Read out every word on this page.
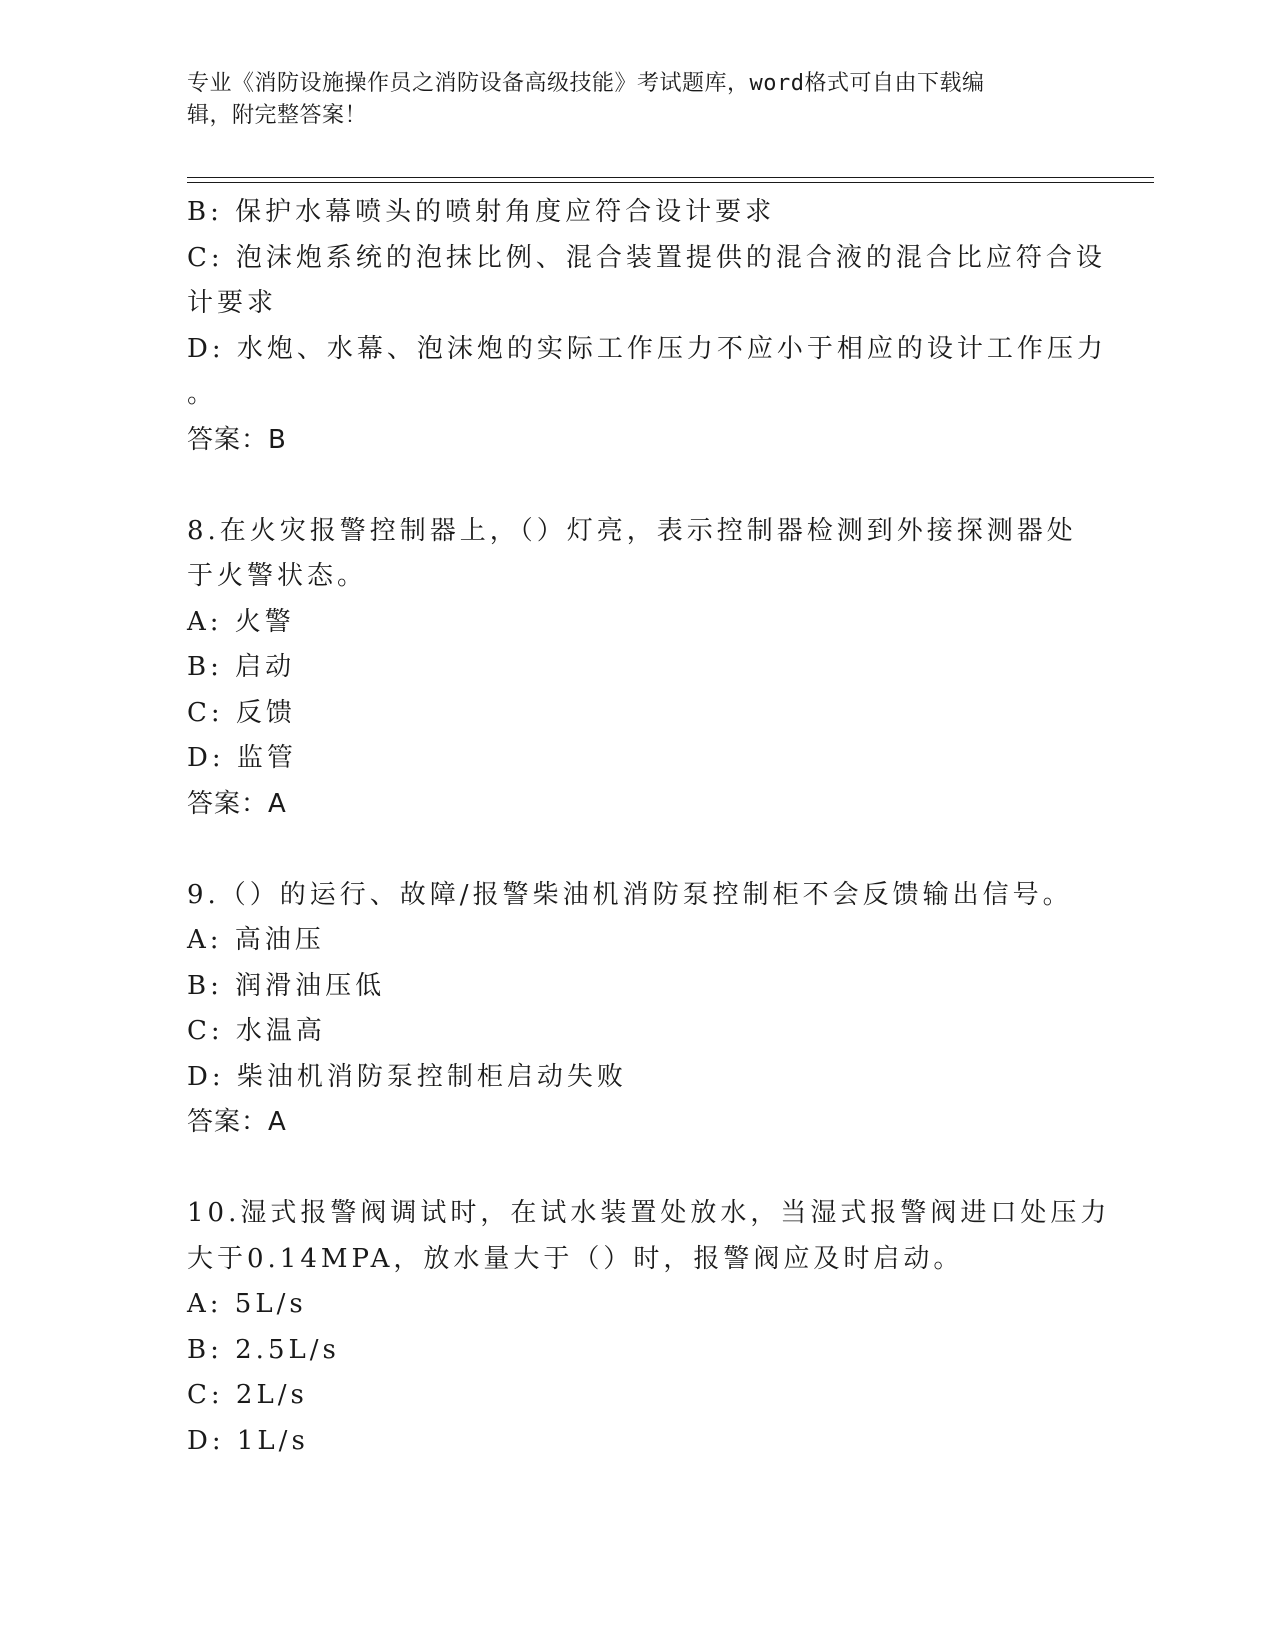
专业《消防设施操作员之消防设备高级技能》考试题库，word格式可自由下载编
辑，附完整答案！
B: 保护水幕喷头的喷射角度应符合设计要求
C: 泡沫炮系统的泡抹比例、混合装置提供的混合液的混合比应符合设
计要求
D: 水炮、水幕、泡沫炮的实际工作压力不应小于相应的设计工作压力
。
答案：B
8.在火灾报警控制器上，（）灯亮，表示控制器检测到外接探测器处
于火警状态。
A: 火警
B: 启动
C: 反馈
D: 监管
答案：A
9.（）的运行、故障/报警柴油机消防泵控制柜不会反馈输出信号。
A: 高油压
B: 润滑油压低
C: 水温高
D: 柴油机消防泵控制柜启动失败
答案：A
10.湿式报警阀调试时，在试水装置处放水，当湿式报警阀进口处压力
大于0.14MPA，放水量大于（）时，报警阀应及时启动。
A: 5L/s
B: 2.5L/s
C: 2L/s
D: 1L/s
